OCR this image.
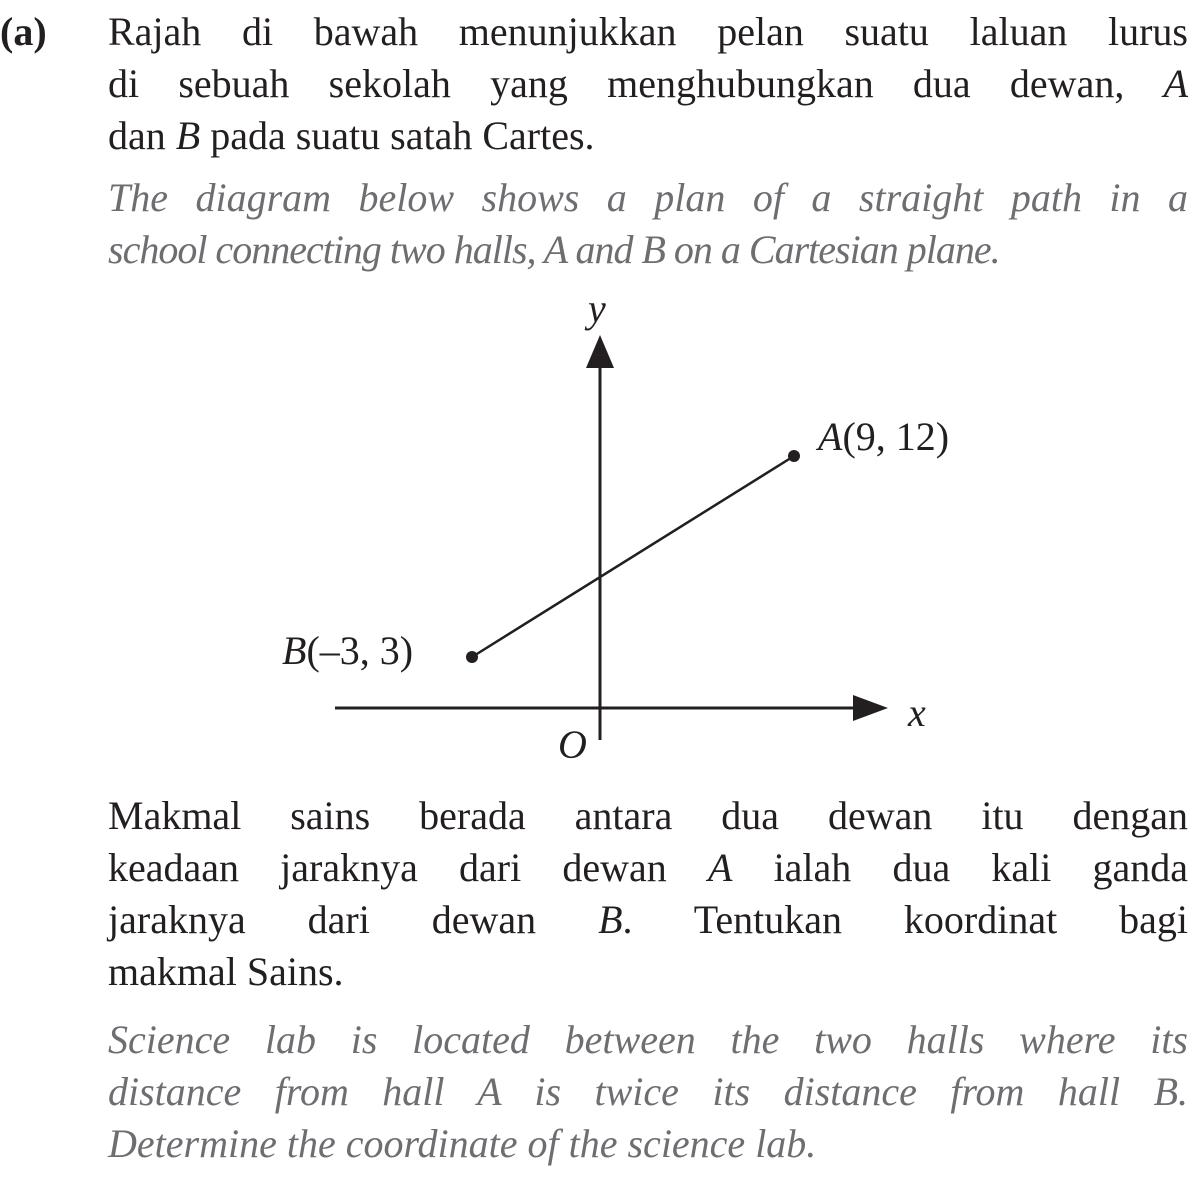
(a) Rajah di bawah menunjukkan pelan suatu laluan lurus
di sebuah sekolah yang menghubungkan dua dewan, A
dan B pada suatu satah Cartes.
The diagram below shows a plan of a straight path in a
school connecting two halls, A and B on a Cartesian plane.
y
x
O
A(9, 12)
B(–3, 3)
Makmal sains berada antara dua dewan itu dengan
keadaan jaraknya dari dewan A ialah dua kali ganda
jaraknya dari dewan B. Tentukan koordinat bagi
makmal Sains.
Science lab is located between the two halls where its
distance from hall A is twice its distance from hall B.
Determine the coordinate of the science lab.
